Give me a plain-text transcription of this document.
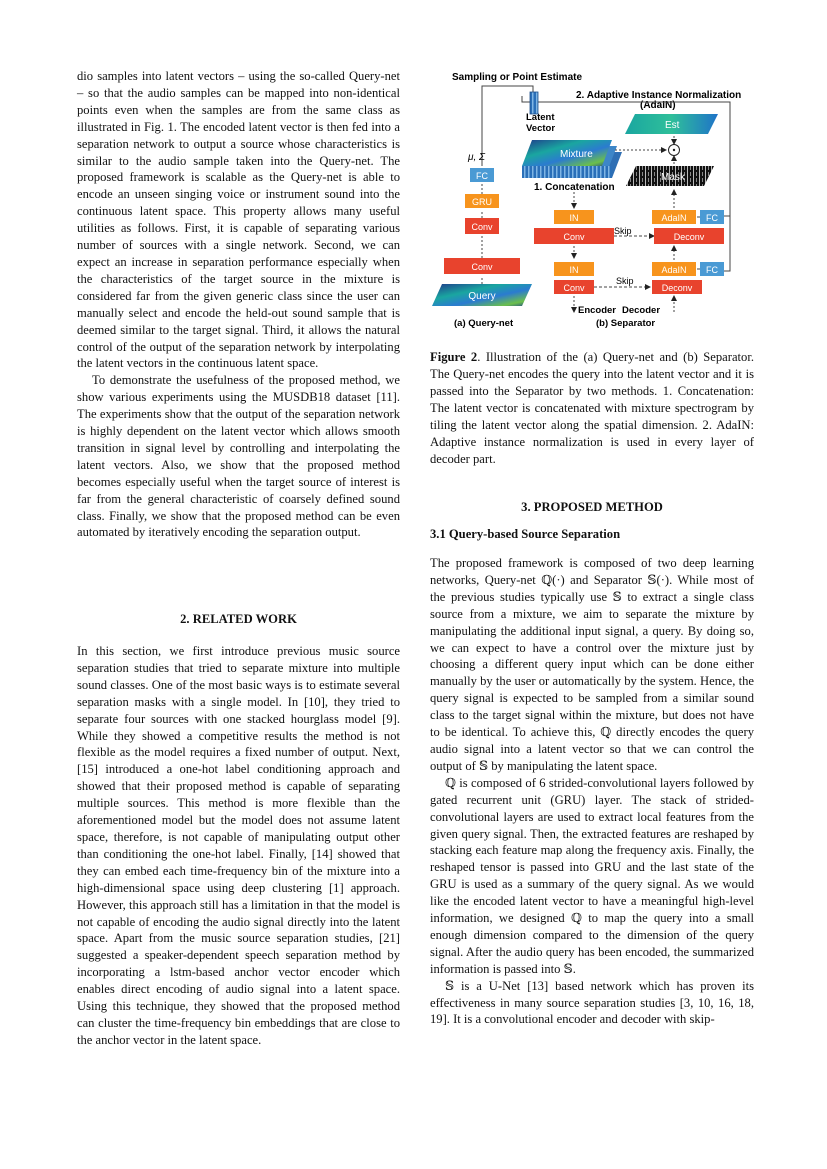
dio samples into latent vectors – using the so-called Query-net – so that the audio samples can be mapped into non-identical points even when the samples are from the same class as illustrated in Fig. 1. The encoded latent vector is then fed into a separation network to output a source whose characteristics is similar to the audio sample taken into the Query-net. The proposed framework is scalable as the Query-net is able to encode an unseen singing voice or instrument sound into the continuous latent space. This property allows many useful utilities as follows. First, it is capable of separating various number of sources with a single network. Second, we can expect an increase in separation performance especially when the characteristics of the target source in the mixture is considered far from the given generic class since the user can manually select and encode the held-out sound sample that is deemed similar to the target signal. Third, it allows the natural control of the output of the separation network by interpolating the latent vectors in the continuous latent space.

To demonstrate the usefulness of the proposed method, we show various experiments using the MUSDB18 dataset [11]. The experiments show that the output of the separation network is highly dependent on the latent vector which allows smooth transition in signal level by controlling and interpolating the latent vectors. Also, we show that the proposed method becomes especially useful when the target source of interest is far from the general characteristic of coarsely defined sound class. Finally, we show that the proposed method can be even automated by iteratively encoding the separation output.

2. RELATED WORK

In this section, we first introduce previous music source separation studies that tried to separate mixture into multiple sound classes. One of the most basic ways is to estimate several separation masks with a single model. In [10], they tried to separate four sources with one stacked hourglass model [9]. While they showed a competitive results the method is not flexible as the model requires a fixed number of output. Next, [15] introduced a one-hot label conditioning approach and showed that their proposed method is capable of separating multiple sources. This method is more flexible than the aforementioned model but the model does not assume latent space, therefore, is not capable of manipulating output other than conditioning the one-hot label. Finally, [14] showed that they can embed each time-frequency bin of the mixture into a high-dimensional space using deep clustering [1] approach. However, this approach still has a limitation in that the model is not capable of encoding the audio signal directly into the latent space. Apart from the music source separation studies, [21] suggested a speaker-dependent speech separation method by incorporating a lstm-based anchor vector encoder which enables direct encoding of audio signal into a latent space. Using this technique, they showed that the proposed method can cluster the time-frequency bin embeddings that are close to the anchor vector in the latent space.

Sampling or Point Estimate
2. Adaptive Instance Normalization
(AdaIN)
Latent
Vector	Est
Mixture
1. Concatenation
Mask
μ, Σ
FC
GRU
Conv
Conv
Query
(a) Query-net
IN
Conv
IN
Conv
Encoder
Skip
Skip
AdaIN FC
Deconv
AdaIN FC
Deconv
Decoder
(b) Separator
Figure 2. Illustration of the (a) Query-net and (b) Separator. The Query-net encodes the query into the latent vector and it is passed into the Separator by two methods. 1. Concatenation: The latent vector is concatenated with mixture spectrogram by tiling the latent vector along the spatial dimension. 2. AdaIN: Adaptive instance normalization is used in every layer of decoder part.
3. PROPOSED METHOD
3.1 Query-based Source Separation

The proposed framework is composed of two deep learning networks, Query-net ℚ(·) and Separator 𝕊(·). While most of the previous studies typically use 𝕊 to extract a single class source from a mixture, we aim to separate the mixture by manipulating the additional input signal, a query. By doing so, we can expect to have a control over the mixture just by choosing a different query input which can be done either manually by the user or automatically by the system. Hence, the query signal is expected to be sampled from a similar sound class to the target signal within the mixture, but does not have to be identical. To achieve this, ℚ directly encodes the query audio signal into a latent vector so that we can control the output of 𝕊 by manipulating the latent space.

ℚ is composed of 6 strided-convolutional layers followed by gated recurrent unit (GRU) layer. The stack of strided-convolutional layers are used to extract local features from the given query signal. Then, the extracted features are reshaped by stacking each feature map along the frequency axis. Finally, the reshaped tensor is passed into GRU and the last state of the GRU is used as a summary of the query signal. As we would like the encoded latent vector to have a meaningful high-level information, we designed ℚ to map the query into a small enough dimension compared to the dimension of the query signal. After the audio query has been encoded, the summarized information is passed into 𝕊.

𝕊 is a U-Net [13] based network which has proven its effectiveness in many source separation studies [3, 10, 16, 18, 19]. It is a convolutional encoder and decoder with skip-
